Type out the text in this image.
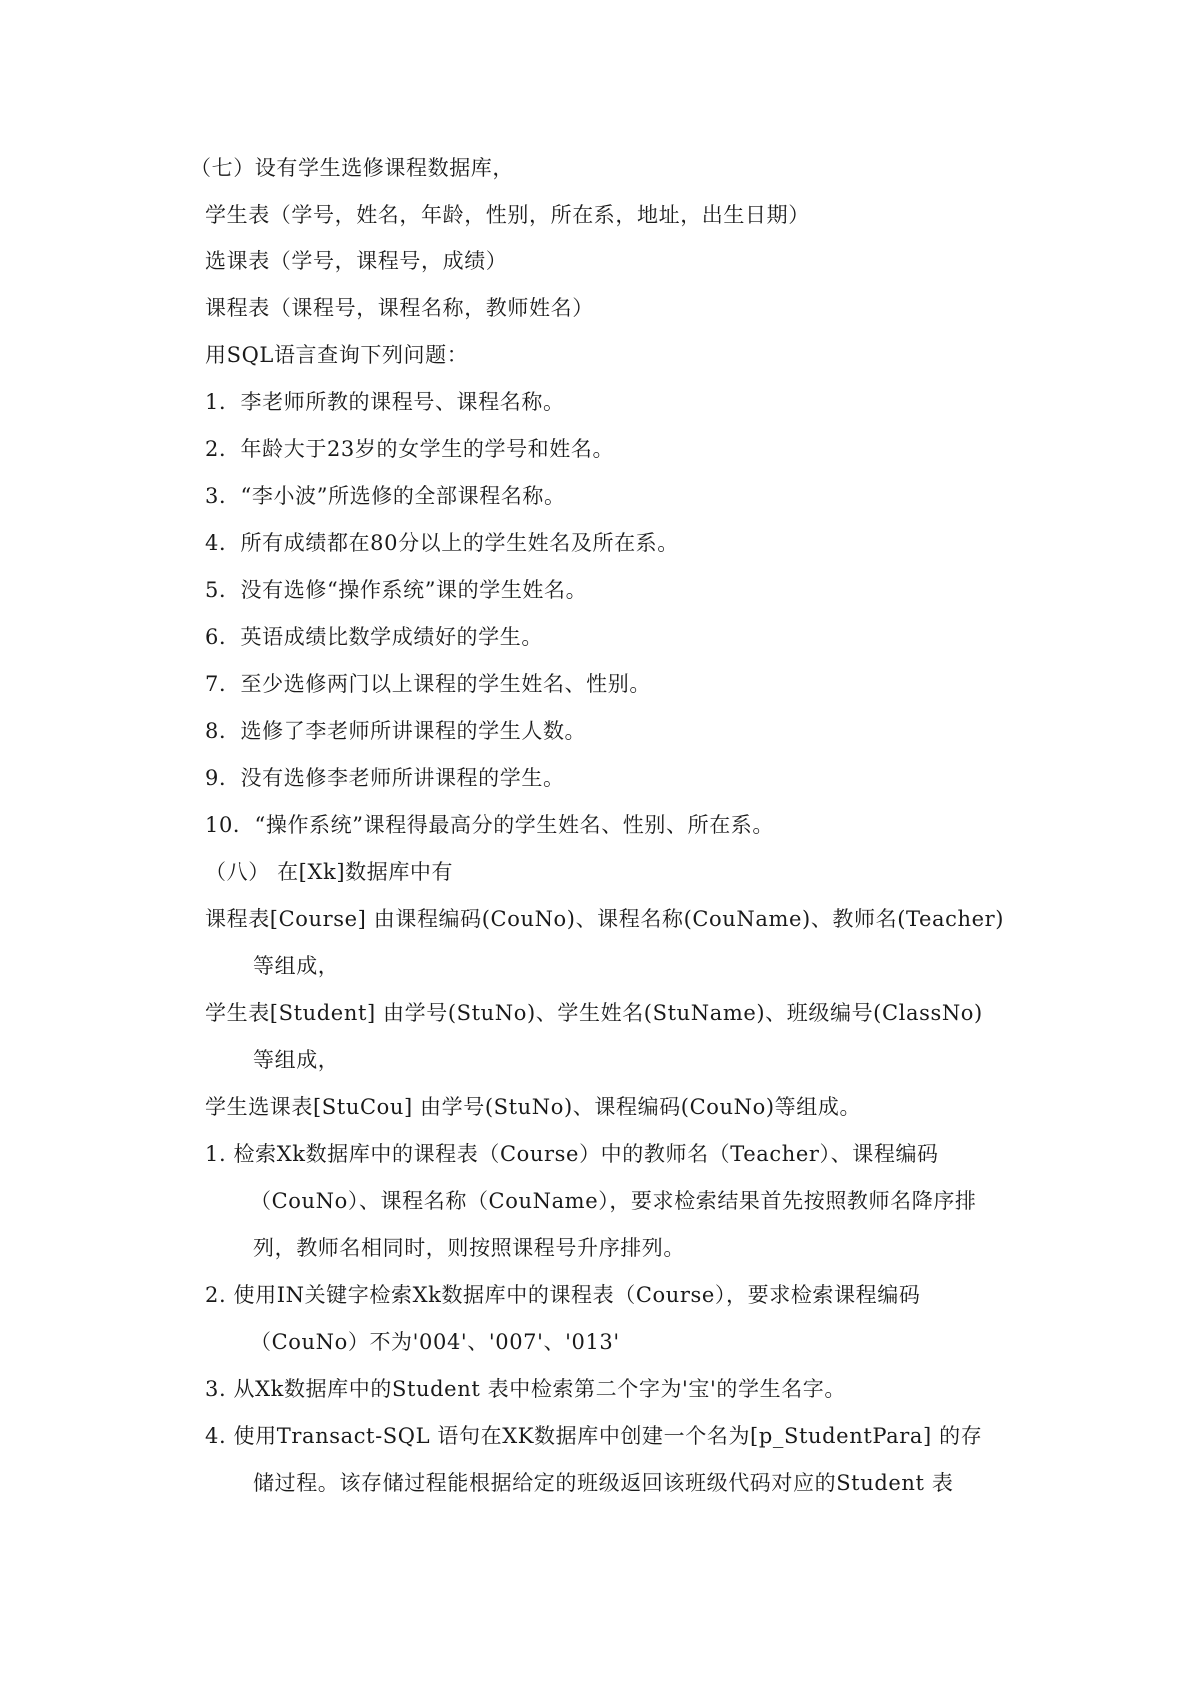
（七）设有学生选修课程数据库，
学生表（学号，姓名，年龄，性别，所在系，地址，出生日期）
选课表（学号，课程号，成绩）
课程表（课程号，课程名称，教师姓名）
用SQL语言查询下列问题：
1．李老师所教的课程号、课程名称。
2．年龄大于23岁的女学生的学号和姓名。
3．“李小波”所选修的全部课程名称。
4．所有成绩都在80分以上的学生姓名及所在系。
5．没有选修“操作系统”课的学生姓名。
6．英语成绩比数学成绩好的学生。
7．至少选修两门以上课程的学生姓名、性别。
8．选修了李老师所讲课程的学生人数。
9．没有选修李老师所讲课程的学生。
10．“操作系统”课程得最高分的学生姓名、性别、所在系。
（八） 在[Xk]数据库中有
课程表[Course] 由课程编码(CouNo)、课程名称(CouName)、教师名(Teacher)
等组成，
学生表[Student] 由学号(StuNo)、学生姓名(StuName)、班级编号(ClassNo)
等组成，
学生选课表[StuCou] 由学号(StuNo)、课程编码(CouNo)等组成。
1. 检索Xk数据库中的课程表（Course）中的教师名（Teacher）、课程编码
（CouNo）、课程名称（CouName），要求检索结果首先按照教师名降序排
列，教师名相同时，则按照课程号升序排列。
2. 使用IN关键字检索Xk数据库中的课程表（Course），要求检索课程编码
（CouNo）不为'004'、'007'、'013'
3. 从Xk数据库中的Student 表中检索第二个字为'宝'的学生名字。
4. 使用Transact-SQL 语句在XK数据库中创建一个名为[p_StudentPara] 的存
储过程。该存储过程能根据给定的班级返回该班级代码对应的Student 表
